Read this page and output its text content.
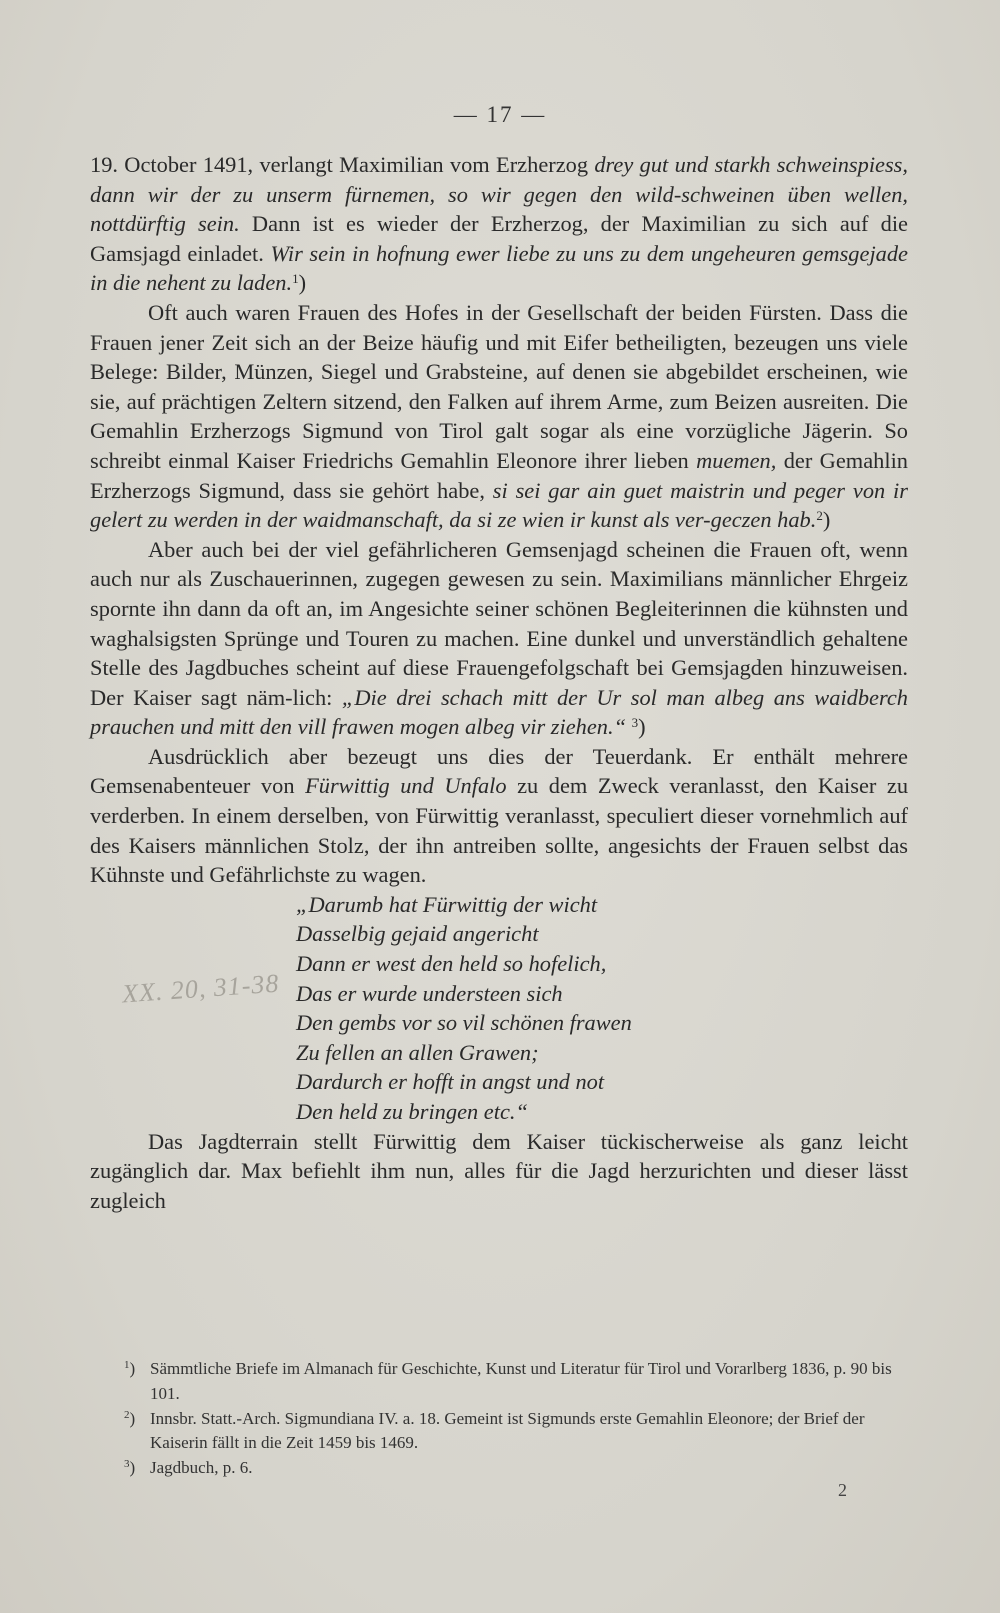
— 17 —

19. October 1491, verlangt Maximilian vom Erzherzog drey gut und starkh schweinspiess, dann wir der zu unserm fürnemen, so wir gegen den wild-schweinen üben wellen, nottdürftig sein. Dann ist es wieder der Erzherzog, der Maximilian zu sich auf die Gamsjagd einladet. Wir sein in hofnung ewer liebe zu uns zu dem ungeheuren gemsgejade in die nehent zu laden.$^1$)

Oft auch waren Frauen des Hofes in der Gesellschaft der beiden Fürsten. Dass die Frauen jener Zeit sich an der Beize häufig und mit Eifer betheiligten, bezeugen uns viele Belege: Bilder, Münzen, Siegel und Grabsteine, auf denen sie abgebildet erscheinen, wie sie, auf prächtigen Zeltern sitzend, den Falken auf ihrem Arme, zum Beizen ausreiten. Die Gemahlin Erzherzogs Sigmund von Tirol galt sogar als eine vorzügliche Jägerin. So schreibt einmal Kaiser Friedrichs Gemahlin Eleonore ihrer lieben muemen, der Gemahlin Erzherzogs Sigmund, dass sie gehört habe, si sei gar ain guet maistrin und peger von ir gelert zu werden in der waidmanschaft, da si ze wien ir kunst als ver-geczen hab.$^2$)

Aber auch bei der viel gefährlicheren Gemsenjagd scheinen die Frauen oft, wenn auch nur als Zuschauerinnen, zugegen gewesen zu sein. Maximilians männlicher Ehrgeiz spornte ihn dann da oft an, im Angesichte seiner schönen Begleiterinnen die kühnsten und waghalsigsten Sprünge und Touren zu machen. Eine dunkel und unverständlich gehaltene Stelle des Jagdbuches scheint auf diese Frauengefolgschaft bei Gemsjagden hinzuweisen. Der Kaiser sagt näm-lich: „Die drei schach mitt der Ur sol man albeg ans waidberch prauchen und mitt den vill frawen mogen albeg vir ziehen.“ $^3$)

Ausdrücklich aber bezeugt uns dies der Teuerdank. Er enthält mehrere Gemsenabenteuer von Fürwittig und Unfalo zu dem Zweck veranlasst, den Kaiser zu verderben. In einem derselben, von Fürwittig veranlasst, speculiert dieser vornehmlich auf des Kaisers männlichen Stolz, der ihn antreiben sollte, angesichts der Frauen selbst das Kühnste und Gefährlichste zu wagen.

„Darumb hat Fürwittig der wicht
Dasselbig gejaid angericht
Dann er west den held so hofelich,
Das er wurde understeen sich
Den gembs vor so vil schönen frawen
Zu fellen an allen Grawen;
Dardurch er hofft in angst und not
Den held zu bringen etc.“

Das Jagdterrain stellt Fürwittig dem Kaiser tückischerweise als ganz leicht zugänglich dar. Max befiehlt ihm nun, alles für die Jagd herzurichten und dieser lässt zugleich

XX. 20, 31-38
$^1$) Sämmtliche Briefe im Almanach für Geschichte, Kunst und Literatur für Tirol und Vorarlberg 1836, p. 90 bis 101.
$^2$) Innsbr. Statt.-Arch. Sigmundiana IV. a. 18. Gemeint ist Sigmunds erste Gemahlin Eleonore; der Brief der Kaiserin fällt in die Zeit 1459 bis 1469.
$^3$) Jagdbuch, p. 6.
2
